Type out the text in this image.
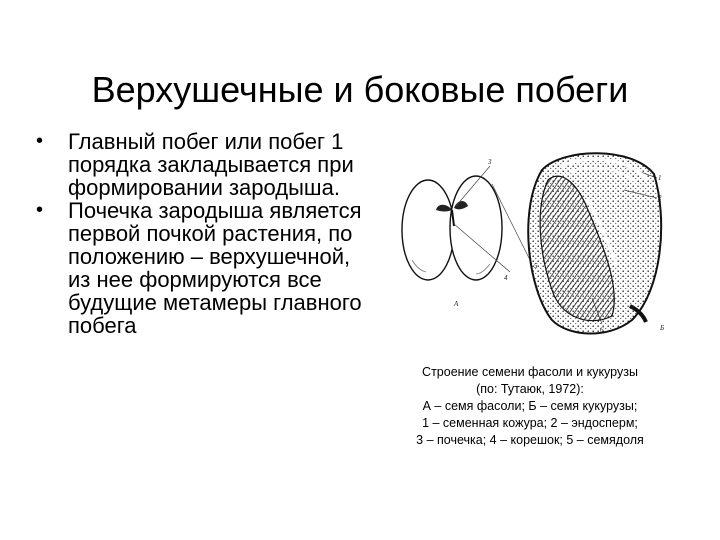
Верхушечные и боковые побеги
•	Главный побег или побег 1 порядка закладывается при формировании зародыша.
•	Почечка зародыша является первой почкой растения, по положению – верхушечной, из нее формируются все будущие метамеры главного побега
А
3
4
5
1
2
6	Б
Строение семени фасоли и кукурузы
(по: Тутаюк, 1972):
А – семя фасоли; Б – семя кукурузы;
1 – семенная кожура; 2 – эндосперм;
3 – почечка; 4 – корешок; 5 – семядоля
